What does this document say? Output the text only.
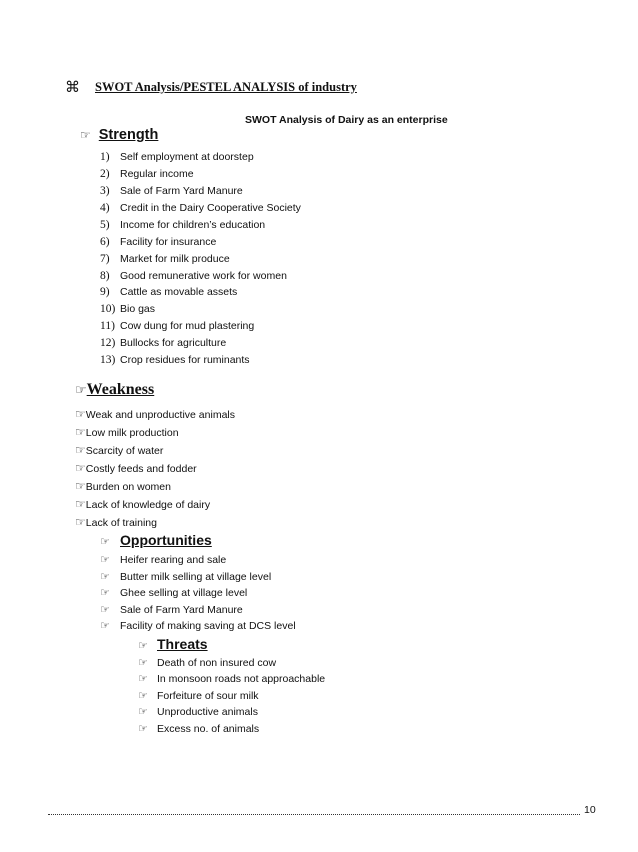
⌘ SWOT Analysis/PESTEL ANALYSIS of industry
SWOT Analysis of Dairy as an enterprise
☞ Strength
1) Self employment at doorstep
2) Regular income
3) Sale of Farm Yard Manure
4) Credit in the Dairy Cooperative Society
5) Income for children’s education
6) Facility for insurance
7) Market for milk produce
8) Good remunerative work for women
9) Cattle as movable assets
10) Bio gas
11) Cow dung for mud plastering
12) Bullocks for agriculture
13) Crop residues for ruminants
☞Weakness
☞Weak and unproductive animals
☞Low milk production
☞Scarcity of water
☞Costly feeds and fodder
☞Burden on women
☞Lack of knowledge of dairy
☞Lack of training
☞ Opportunities
☞ Heifer rearing and sale
☞ Butter milk selling at village level
☞ Ghee selling at village level
☞ Sale of Farm Yard Manure
☞ Facility of making saving at DCS level
☞ Threats
☞ Death of non insured cow
☞ In monsoon roads not approachable
☞ Forfeiture of sour milk
☞ Unproductive animals
☞ Excess no. of animals
10
